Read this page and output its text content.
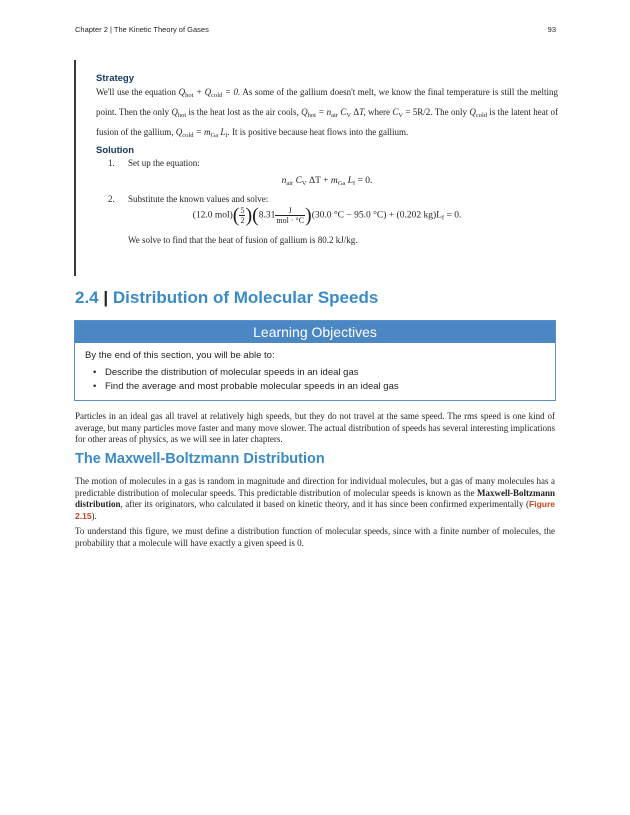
Chapter 2 | The Kinetic Theory of Gases	93

Strategy

We'll use the equation $Q_{hot} + Q_{cold} = 0$. As some of the gallium doesn't melt, we know the final temperature is still the melting point. Then the only $Q_{hot}$ is the heat lost as the air cools, $Q_{hot} = n_{air}$ $C_V$ ΔT, where $C_V = 5R/2$. The only $Q_{cold}$ is the latent heat of fusion of the gallium, $Q_{cold} = m_{Ga}$ $L_f$. It is positive because heat flows into the gallium.

Solution

1. Set up the equation:
$n_{air}$ $C_V$ $\Delta T + m_{Ga}$ $L_f = 0$.
2. Substitute the known values and solve:
(12.0 $mol)( \frac{5}{2} )(8.31 \frac{J}{\text{mol · °C}} )(30.0$ °C − 95.0 °C) + (0.202 $kg)L_f = 0$.

We solve to find that the heat of fusion of gallium is 80.2 kJ/kg.

2.4 | Distribution of Molecular Speeds
Learning Objectives

By the end of this section, you will be able to:

• Describe the distribution of molecular speeds in an ideal gas
• Find the average and most probable molecular speeds in an ideal gas

Particles in an ideal gas all travel at relatively high speeds, but they do not travel at the same speed. The rms speed is one kind of average, but many particles move faster and many move slower. The actual distribution of speeds has several interesting implications for other areas of physics, as we will see in later chapters.

The Maxwell-Boltzmann Distribution

The motion of molecules in a gas is random in magnitude and direction for individual molecules, but a gas of many molecules has a predictable distribution of molecular speeds. This predictable distribution of molecular speeds is known as the Maxwell-Boltzmann distribution, after its originators, who calculated it based on kinetic theory, and it has since been confirmed experimentally (Figure 2.15).

To understand this figure, we must define a distribution function of molecular speeds, since with a finite number of molecules, the probability that a molecule will have exactly a given speed is 0.
